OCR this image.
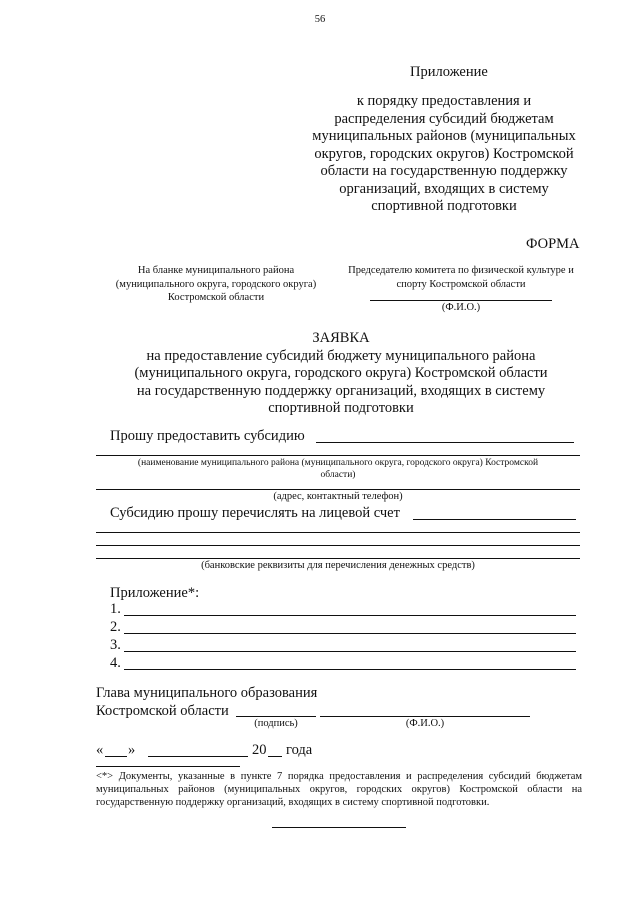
56
Приложение
к порядку предоставления и
распределения субсидий бюджетам
муниципальных районов (муниципальных
округов, городских округов) Костромской
области на государственную поддержку
организаций, входящих в систему
спортивной подготовки
ФОРМА
На бланке муниципального района
(муниципального округа, городского округа)
Костромской области
Председателю комитета по физической культуре и
спорту Костромской области
(Ф.И.О.)
ЗАЯВКА
на предоставление субсидий бюджету муниципального района
(муниципального округа, городского округа) Костромской области
на государственную поддержку организаций, входящих в систему
спортивной подготовки
Прошу предоставить субсидию
(наименование муниципального района (муниципального округа, городского округа) Костромской
области)
(адрес, контактный телефон)
Субсидию прошу перечислять на лицевой счет
(банковские реквизиты для перечисления денежных средств)
Приложение*:
1.
2.
3.
4.
Глава муниципального образования
Костромской области
(подпись)	(Ф.И.О.)
« »	20 года
<*> Документы, указанные в пункте 7 порядка предоставления и распределения субсидий бюджетам муниципальных районов (муниципальных округов, городских округов) Костромской области на государственную поддержку организаций, входящих в систему спортивной подготовки.
